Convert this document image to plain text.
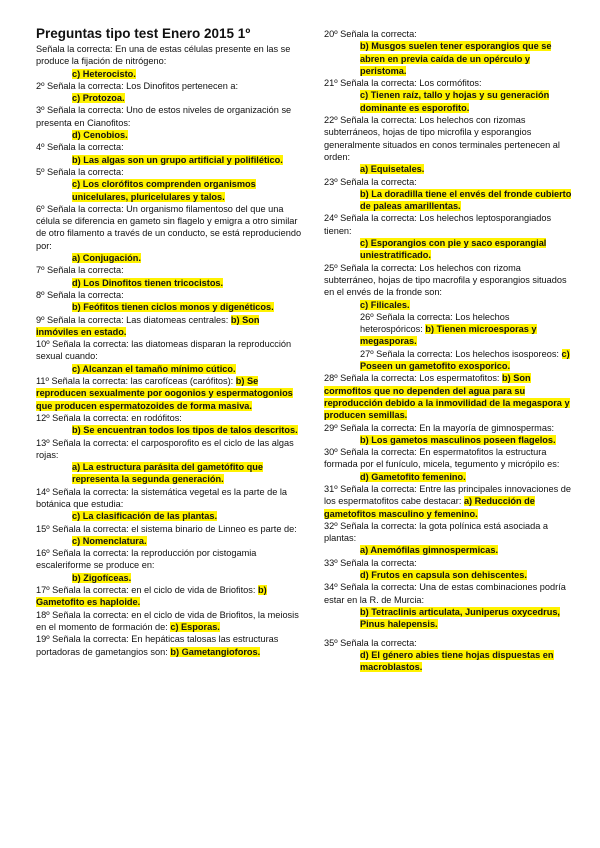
Preguntas tipo test Enero 2015 1º

Señala la correcta: En una de estas células presente en las se produce la fijación de nitrógeno:

c) Heterocisto.

2º Señala la correcta: Los Dinofitos pertenecen a:

c) Protozoa.

3º Señala la correcta: Uno de estos niveles de organización se presenta en Cianofitos:

d) Cenobios.

4º Señala la correcta:

b) Las algas son un grupo artificial y polifilético.

5º Señala la correcta:

c) Los clorófitos comprenden organismos unicelulares, pluricelulares y talos.

6º Señala la correcta: Un organismo filamentoso del que una célula se diferencia en gameto sin flagelo y emigra a otro similar de otro filamento a través de un conducto, se está reproduciendo por:

a) Conjugación.

7º Señala la correcta:

d) Los Dinofitos tienen tricocistos.

8º Señala la correcta:

b) Feófitos tienen ciclos monos y digenéticos.

9º Señala la correcta: Las diatomeas centrales: b) Son inmóviles en estado.

10º Señala la correcta: las diatomeas disparan la reproducción sexual cuando:

c) Alcanzan el tamaño mínimo cútico.

11º Señala la correcta: las carofíceas (carófitos): b) Se reproducen sexualmente por oogonios y espermatogonios que producen espermatozoides de forma masiva.

12º Señala la correcta: en rodófitos:

b) Se encuentran todos los tipos de talos descritos.

13º Señala la correcta: el carposporofito es el ciclo de las algas rojas:

a) La estructura parásita del gametófito que representa la segunda generación.

14º Señala la correcta: la sistemática vegetal es la parte de la botánica que estudia:

c) La clasificación de las plantas.

15º Señala la correcta: el sistema binario de Linneo es parte de:

c) Nomenclatura.

16º Señala la correcta: la reproducción por cistogamia escaleriforme se produce en:

b) Zigofíceas.

17º Señala la correcta: en el ciclo de vida de Briofitos: b) Gametofito es haploide.

18º Señala la correcta: en el ciclo de vida de Briofitos, la meiosis en el momento de formación de: c) Esporas.

19º Señala la correcta: En hepáticas talosas las estructuras portadoras de gametangios son: b) Gametangioforos.

20º Señala la correcta:

b) Musgos suelen tener esporangios que se abren en previa caída de un opérculo y peristoma.

21º Señala la correcta: Los cormófitos:

c) Tienen raíz, tallo y hojas y su generación dominante es esporofito.

22º Señala la correcta: Los helechos con rizomas subterráneos, hojas de tipo microfila y esporangios generalmente situados en conos terminales pertenecen al orden:

a) Equisetales.

23º Señala la correcta:

b) La doradilla tiene el envés del fronde cubierto de paleas amarillentas.

24º Señala la correcta: Los helechos leptosporangiados tienen:

c) Esporangios con pie y saco esporangial uniestratificado.

25º Señala la correcta: Los helechos con rizoma subterráneo, hojas de tipo macrofila y esporangios situados en el envés de la fronde son:

c) Filicales.

26º Señala la correcta: Los helechos heterospóricos: b) Tienen microesporas y megasporas.

27º Señala la correcta: Los helechos isosporeos: c) Poseen un gametofito exosporico.

28º Señala la correcta: Los espermatofitos: b) Son cormofitos que no dependen del agua para su reproducción debido a la inmovilidad de la megaspora y producen semillas.

29º Señala la correcta: En la mayoría de gimnospermas:

b) Los gametos masculinos poseen flagelos.

30º Señala la correcta: En espermatofitos la estructura formada por el funículo, micela, tegumento y micrópilo es:

d) Gametofito femenino.

31º Señala la correcta: Entre las principales innovaciones de los espermatofitos cabe destacar: a) Reducción de gametofitos masculino y femenino.

32º Señala la correcta: la gota polínica está asociada a plantas:

a) Anemófilas gimnospermicas.

33º Señala la correcta:

d) Frutos en capsula son dehiscentes.

34º Señala la correcta: Una de estas combinaciones podría estar en la R. de Murcia:

b) Tetraclinis articulata, Juniperus oxycedrus, Pinus halepensis.

35º Señala la correcta:

d) El género abies tiene hojas dispuestas en macroblastos.
